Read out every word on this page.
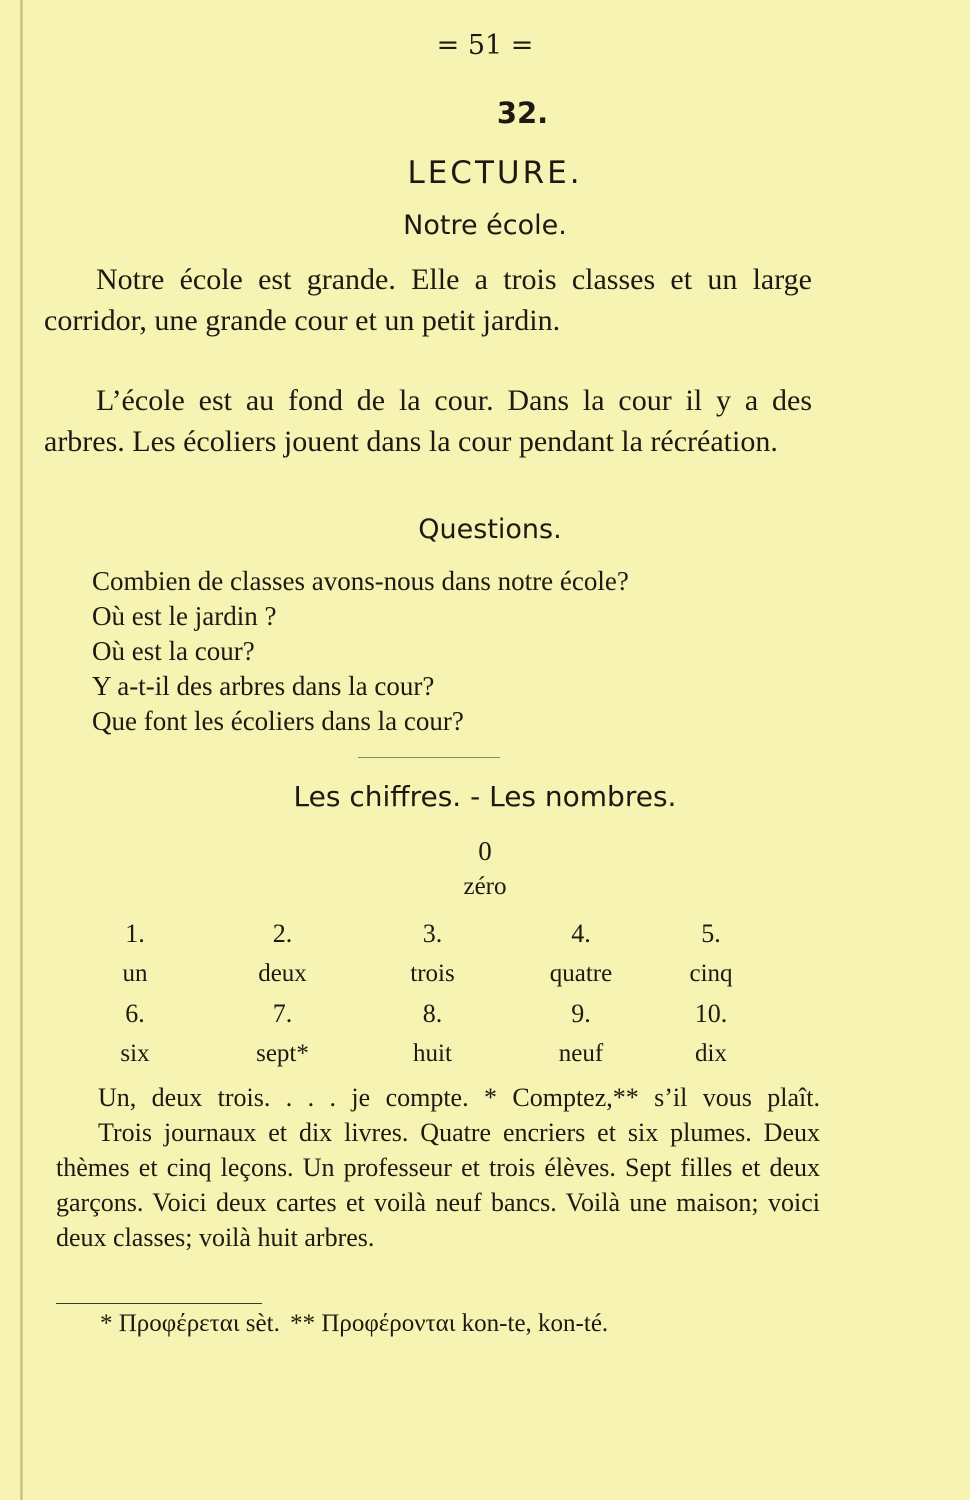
= 51 =
32.
LECTURE.
Notre école.

Notre école est grande. Elle a trois classes et un large corridor, une grande cour et un petit jardin.

L’école est au fond de la cour. Dans la cour il y a des arbres. Les écoliers jouent dans la cour pendant la récréation.

Questions.
Combien de classes avons-nous dans notre école?
Où est le jardin ?
Où est la cour?
Y a-t-il des arbres dans la cour?
Que font les écoliers dans la cour?
Les chiffres. - Les nombres.
0
zéro
1.	2.	3.	4.	5.
un	deux	trois	quatre	cinq
6.	7.	8.	9.	10.
six	sept*	huit	neuf	dix
Un, deux trois. . . . je compte. * Comptez,** s’il vous plaît.
Trois journaux et dix livres. Quatre encriers et six plumes. Deux thèmes et cinq leçons. Un professeur et trois élèves. Sept filles et deux garçons. Voici deux cartes et voilà neuf bancs. Voilà une maison; voici deux classes; voilà huit arbres.
* Προφέρεται sèt. ** Προφέρονται kon-te, kon-té.
